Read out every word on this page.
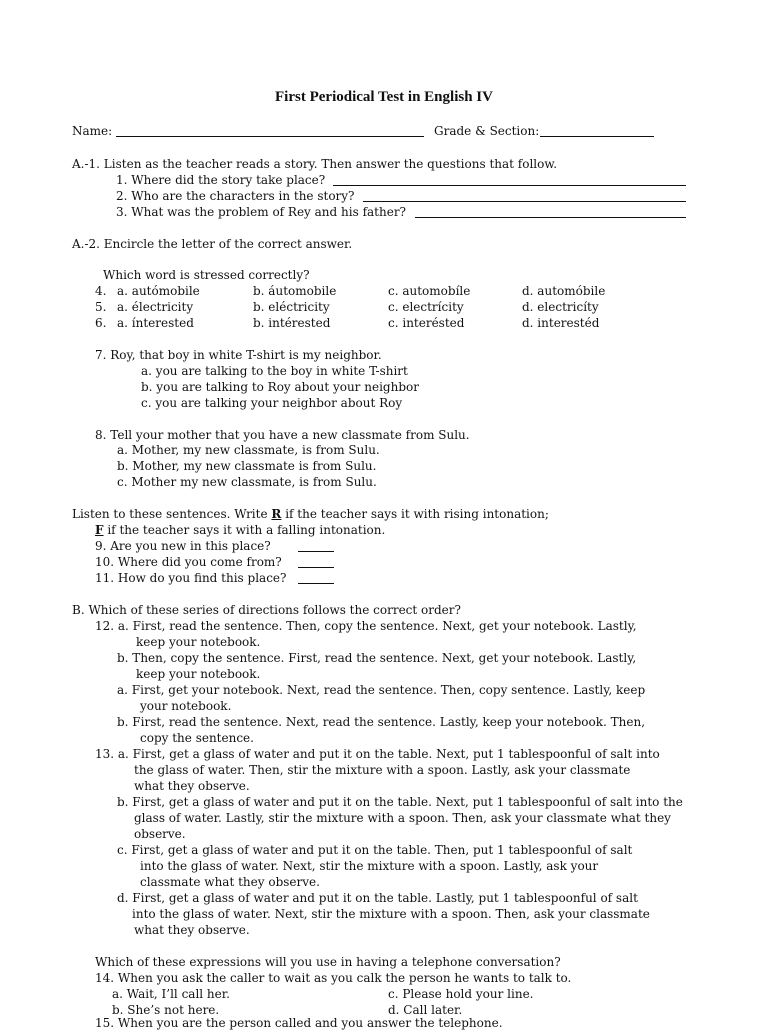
First Periodical Test in English IV
Name:	Grade & Section:
A.-1. Listen as the teacher reads a story. Then answer the questions that follow.
1. Where did the story take place?
2. Who are the characters in the story?
3. What was the problem of Rey and his father?
A.-2. Encircle the letter of the correct answer.
Which word is stressed correctly?
4. a. autómobile	b. áutomobile	c. automobíle	d. automóbile
5. a. électricity	b. eléctricity	c. electrícity	d. electricíty
6. a. ínterested	b. intérested	c. interésted	d. interestéd
7. Roy, that boy in white T-shirt is my neighbor.
a. you are talking to the boy in white T-shirt
b. you are talking to Roy about your neighbor
c. you are talking your neighbor about Roy
8. Tell your mother that you have a new classmate from Sulu.
a. Mother, my new classmate, is from Sulu.
b. Mother, my new classmate is from Sulu.
c. Mother my new classmate, is from Sulu.
Listen to these sentences. Write R if the teacher says it with rising intonation;
F if the teacher says it with a falling intonation.
9. Are you new in this place?
10. Where did you come from?
11. How do you find this place?
B. Which of these series of directions follows the correct order?
12. a. First, read the sentence. Then, copy the sentence. Next, get your notebook. Lastly,
keep your notebook.
b. Then, copy the sentence. First, read the sentence. Next, get your notebook. Lastly,
keep your notebook.
a. First, get your notebook. Next, read the sentence. Then, copy sentence. Lastly, keep
your notebook.
b. First, read the sentence. Next, read the sentence. Lastly, keep your notebook. Then,
copy the sentence.
13. a. First, get a glass of water and put it on the table. Next, put 1 tablespoonful of salt into
the glass of water. Then, stir the mixture with a spoon. Lastly, ask your classmate
what they observe.
b. First, get a glass of water and put it on the table. Next, put 1 tablespoonful of salt into the
glass of water. Lastly, stir the mixture with a spoon. Then, ask your classmate what they
observe.
c. First, get a glass of water and put it on the table. Then, put 1 tablespoonful of salt
into the glass of water. Next, stir the mixture with a spoon. Lastly, ask your
classmate what they observe.
d. First, get a glass of water and put it on the table. Lastly, put 1 tablespoonful of salt
into the glass of water. Next, stir the mixture with a spoon. Then, ask your classmate
what they observe.
Which of these expressions will you use in having a telephone conversation?
14. When you ask the caller to wait as you calk the person he wants to talk to.
a. Wait, I’ll call her.	c. Please hold your line.
b. She’s not here.	d. Call later.
15. When you are the person called and you answer the telephone.
